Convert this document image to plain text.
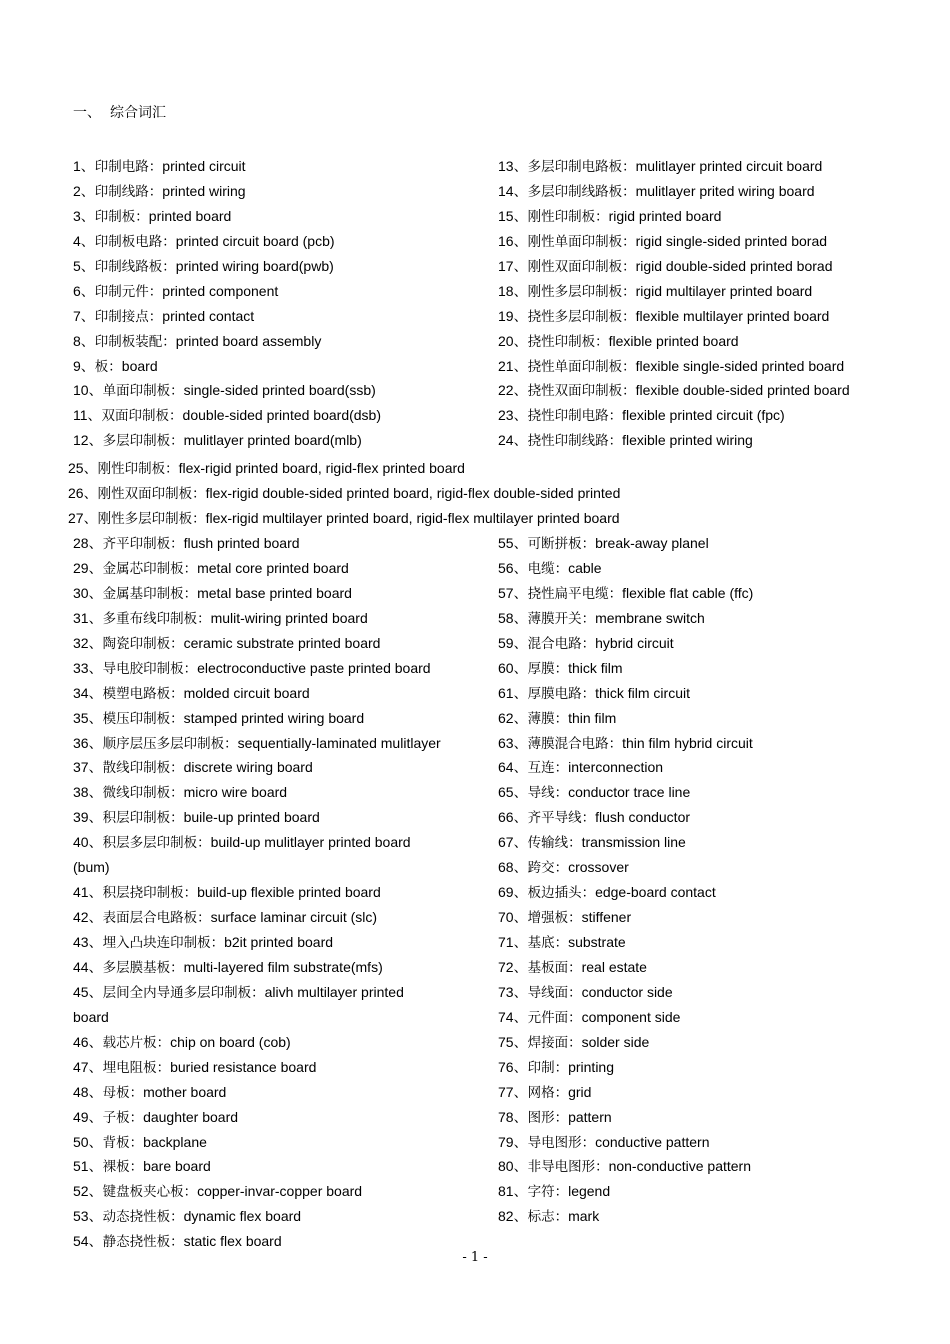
一、 综合词汇
1、印制电路：printed circuit
2、印制线路：printed wiring
3、印制板：printed board
4、印制板电路：printed circuit board (pcb)
5、印制线路板：printed wiring board(pwb)
6、印制元件：printed component
7、印制接点：printed contact
8、印制板装配：printed board assembly
9、板：board
10、单面印制板：single-sided printed board(ssb)
11、双面印制板：double-sided printed board(dsb)
12、多层印制板：mulitlayer printed board(mlb)
13、多层印制电路板：mulitlayer printed circuit board
14、多层印制线路板：mulitlayer prited wiring board
15、刚性印制板：rigid printed board
16、刚性单面印制板：rigid single-sided printed borad
17、刚性双面印制板：rigid double-sided printed borad
18、刚性多层印制板：rigid multilayer printed board
19、挠性多层印制板：flexible multilayer printed board
20、挠性印制板：flexible printed board
21、挠性单面印制板：flexible single-sided printed board
22、挠性双面印制板：flexible double-sided printed board
23、挠性印制电路：flexible printed circuit (fpc)
24、挠性印制线路：flexible printed wiring
25、刚性印制板：flex-rigid printed board, rigid-flex printed board
26、刚性双面印制板：flex-rigid double-sided printed board, rigid-flex double-sided printed
27、刚性多层印制板：flex-rigid multilayer printed board, rigid-flex multilayer printed board
28、齐平印制板：flush printed board
29、金属芯印制板：metal core printed board
30、金属基印制板：metal base printed board
31、多重布线印制板：mulit-wiring printed board
32、陶瓷印制板：ceramic substrate printed board
33、导电胶印制板：electroconductive paste printed board
34、模塑电路板：molded circuit board
35、模压印制板：stamped printed wiring board
36、顺序层压多层印制板：sequentially-laminated mulitlayer
37、散线印制板：discrete wiring board
38、微线印制板：micro wire board
39、积层印制板：buile-up printed board
40、积层多层印制板：build-up mulitlayer printed board
(bum)
41、积层挠印制板：build-up flexible printed board
42、表面层合电路板：surface laminar circuit (slc)
43、埋入凸块连印制板：b2it printed board
44、多层膜基板：multi-layered film substrate(mfs)
45、层间全内导通多层印制板：alivh multilayer printed
board
46、载芯片板：chip on board (cob)
47、埋电阻板：buried resistance board
48、母板：mother board
49、子板：daughter board
50、背板：backplane
51、裸板：bare board
52、键盘板夹心板：copper-invar-copper board
53、动态挠性板：dynamic flex board
54、静态挠性板：static flex board
55、可断拼板：break-away planel
56、电缆：cable
57、挠性扁平电缆：flexible flat cable (ffc)
58、薄膜开关：membrane switch
59、混合电路：hybrid circuit
60、厚膜：thick film
61、厚膜电路：thick film circuit
62、薄膜：thin film
63、薄膜混合电路：thin film hybrid circuit
64、互连：interconnection
65、导线：conductor trace line
66、齐平导线：flush conductor
67、传输线：transmission line
68、跨交：crossover
69、板边插头：edge-board contact
70、增强板：stiffener
71、基底：substrate
72、基板面：real estate
73、导线面：conductor side
74、元件面：component side
75、焊接面：solder side
76、印制：printing
77、网格：grid
78、图形：pattern
79、导电图形：conductive pattern
80、非导电图形：non-conductive pattern
81、字符：legend
82、标志：mark
- 1 -
